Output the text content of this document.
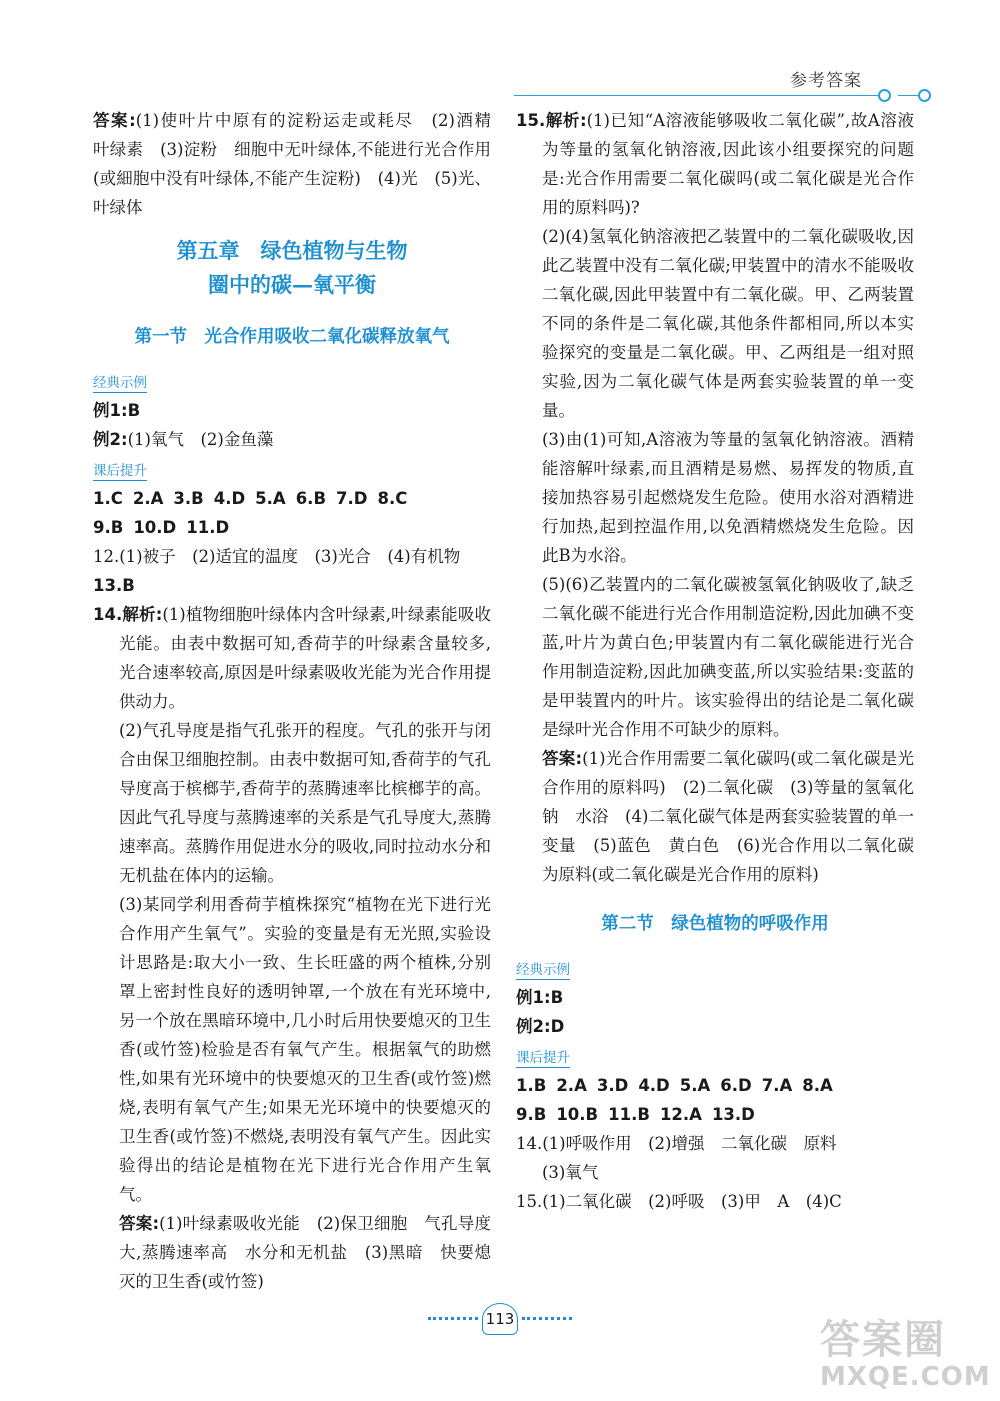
参考答案

答案:(1)使叶片中原有的淀粉运走或耗尽　(2)酒精　叶绿素　(3)淀粉　细胞中无叶绿体,不能进行光合作用(或細胞中没有叶绿体,不能产生淀粉)　(4)光　(5)光、叶绿体

第五章　绿色植物与生物
圈中的碳—氧平衡
第一节　光合作用吸收二氧化碳释放氧气
经典示例

例1:B

例2:(1)氧气　(2)金鱼藻

课后提升

1.C 2.A 3.B 4.D 5.A 6.B 7.D 8.C

9.B 10.D 11.D

12.(1)被子　(2)适宜的温度　(3)光合　(4)有机物

13.B

14.解析:(1)植物细胞叶绿体内含叶绿素,叶绿素能吸收光能。由表中数据可知,香荷芋的叶绿素含量较多,光合速率较高,原因是叶绿素吸收光能为光合作用提供动力。

(2)气孔导度是指气孔张开的程度。气孔的张开与闭合由保卫细胞控制。由表中数据可知,香荷芋的气孔导度高于槟榔芋,香荷芋的蒸腾速率比槟榔芋的高。因此气孔导度与蒸腾速率的关系是气孔导度大,蒸腾速率高。蒸腾作用促进水分的吸收,同时拉动水分和无机盐在体内的运输。

(3)某同学利用香荷芋植株探究“植物在光下进行光合作用产生氧气”。实验的变量是有无光照,实验设计思路是:取大小一致、生长旺盛的两个植株,分别罩上密封性良好的透明钟罩,一个放在有光环境中,另一个放在黑暗环境中,几小时后用快要熄灭的卫生香(或竹签)检验是否有氧气产生。根据氧气的助燃性,如果有光环境中的快要熄灭的卫生香(或竹签)燃烧,表明有氧气产生;如果无光环境中的快要熄灭的卫生香(或竹签)不燃烧,表明没有氧气产生。因此实验得出的结论是植物在光下进行光合作用产生氧气。

答案:(1)叶绿素吸收光能　(2)保卫细胞　气孔导度大,蒸腾速率高　水分和无机盐　(3)黑暗　快要熄灭的卫生香(或竹签)

15.解析:(1)已知“A溶液能够吸收二氧化碳”,故A溶液为等量的氢氧化钠溶液,因此该小组要探究的问题是:光合作用需要二氧化碳吗(或二氧化碳是光合作用的原料吗)?

(2)(4)氢氧化钠溶液把乙装置中的二氧化碳吸收,因此乙装置中没有二氧化碳;甲装置中的清水不能吸收二氧化碳,因此甲装置中有二氧化碳。甲、乙两装置不同的条件是二氧化碳,其他条件都相同,所以本实验探究的变量是二氧化碳。甲、乙两组是一组对照实验,因为二氧化碳气体是两套实验装置的单一变量。

(3)由(1)可知,A溶液为等量的氢氧化钠溶液。酒精能溶解叶绿素,而且酒精是易燃、易挥发的物质,直接加热容易引起燃烧发生危险。使用水浴对酒精进行加热,起到控温作用,以免酒精燃烧发生危险。因此B为水浴。

(5)(6)乙装置内的二氧化碳被氢氧化钠吸收了,缺乏二氧化碳不能进行光合作用制造淀粉,因此加碘不变蓝,叶片为黄白色;甲装置内有二氧化碳能进行光合作用制造淀粉,因此加碘变蓝,所以实验结果:变蓝的是甲装置内的叶片。该实验得出的结论是二氧化碳是绿叶光合作用不可缺少的原料。

答案:(1)光合作用需要二氧化碳吗(或二氧化碳是光合作用的原料吗)　(2)二氧化碳　(3)等量的氢氧化钠　水浴　(4)二氧化碳气体是两套实验装置的单一变量　(5)蓝色　黄白色　(6)光合作用以二氧化碳为原料(或二氧化碳是光合作用的原料)

第二节　绿色植物的呼吸作用
经典示例

例1:B

例2:D

课后提升

1.B 2.A 3.D 4.D 5.A 6.D 7.A 8.A

9.B 10.B 11.B 12.A 13.D

14.(1)呼吸作用　(2)增强　二氧化碳　原料

(3)氧气

15.(1)二氧化碳　(2)呼吸　(3)甲　A　(4)C

113	答案圈
MXQE.COM
